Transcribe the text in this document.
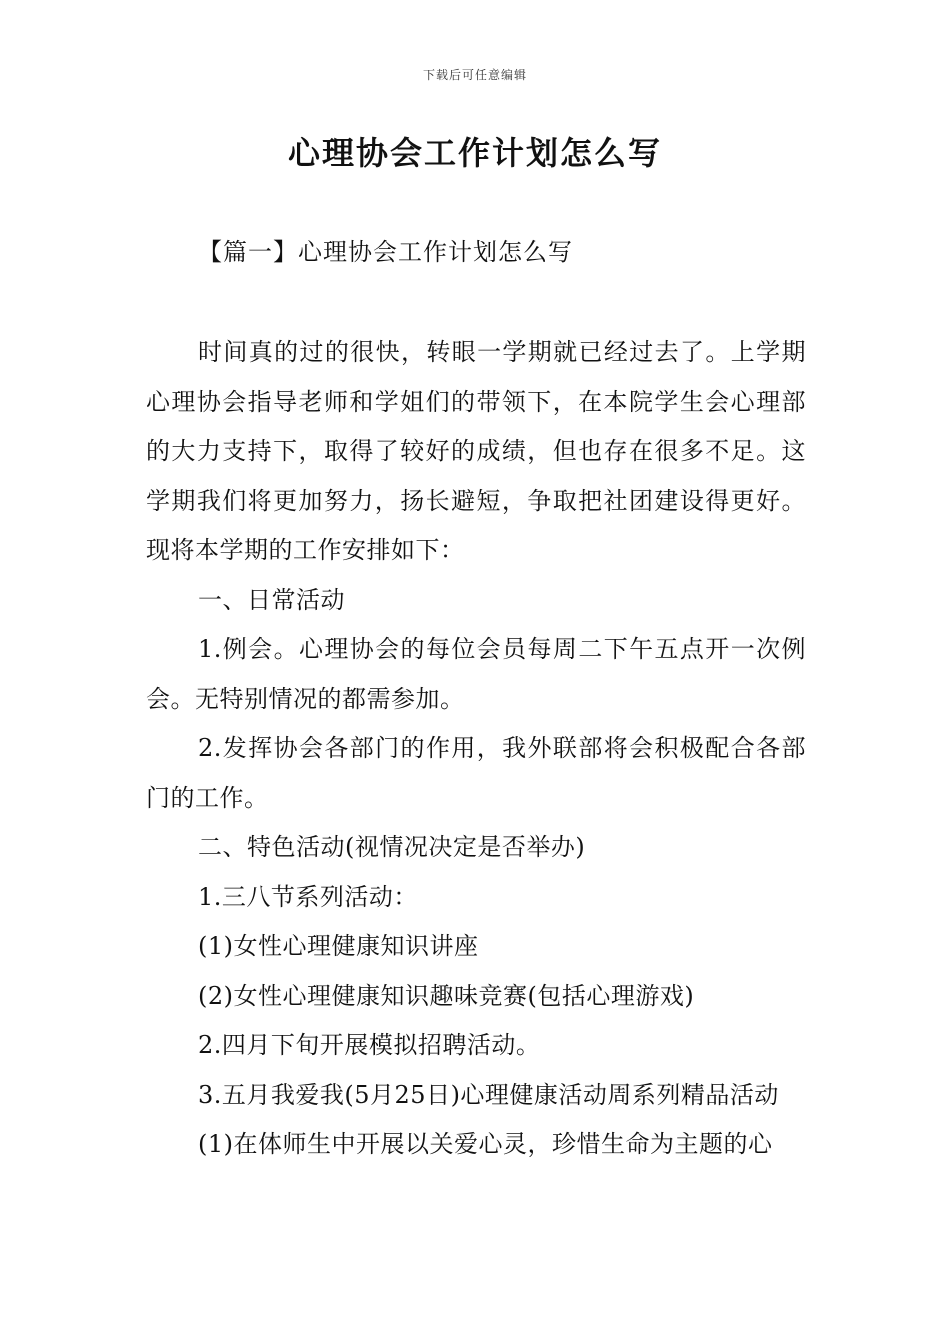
下载后可任意编辑
心理协会工作计划怎么写
【篇一】心理协会工作计划怎么写

时间真的过的很快，转眼一学期就已经过去了。上学期心理协会指导老师和学姐们的带领下，在本院学生会心理部的大力支持下，取得了较好的成绩，但也存在很多不足。这学期我们将更加努力，扬长避短，争取把社团建设得更好。现将本学期的工作安排如下：

一、日常活动

1.例会。心理协会的每位会员每周二下午五点开一次例会。无特别情况的都需参加。

2.发挥协会各部门的作用，我外联部将会积极配合各部门的工作。

二、特色活动(视情况决定是否举办)

1.三八节系列活动：

(1)女性心理健康知识讲座

(2)女性心理健康知识趣味竞赛(包括心理游戏)

2.四月下旬开展模拟招聘活动。

3.五月我爱我(5月25日)心理健康活动周系列精品活动

(1)在体师生中开展以关爱心灵，珍惜生命为主题的心
